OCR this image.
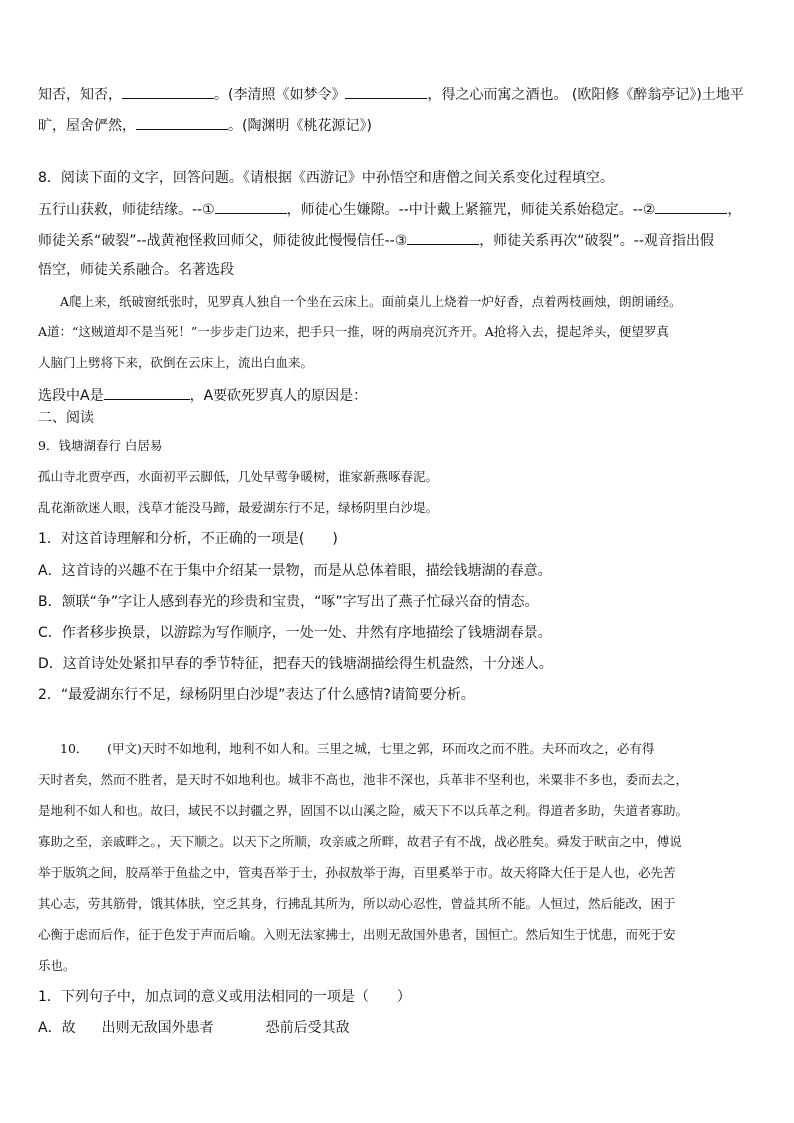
知否，知否，	。(李清照《如梦令》	，得之心而寓之酒也。 (欧阳修《醉翁亭记》)土地平
旷，屋舍俨然，	。(陶渊明《桃花源记》)
8．阅读下面的文字，回答问题。《请根据《西游记》中孙悟空和唐僧之间关系变化过程填空。
五行山获救，师徒结缘。--①	，师徒心生嫌隙。--中计戴上紧箍咒，师徒关系始稳定。--②	，
师徒关系“破裂”--战黄袍怪救回师父，师徒彼此慢慢信任--③	，师徒关系再次“破裂”。--观音指出假
悟空，师徒关系融合。名著选段
A爬上来，纸破窗纸张时，见罗真人独自一个坐在云床上。面前桌儿上烧着一炉好香，点着两枝画烛，朗朗诵经。
A道：“这贼道却不是当死！”一步步走门边来，把手只一推，呀的两扇亮沉齐开。A抢将入去，提起斧头，便望罗真
人脑门上劈将下来，砍倒在云床上，流出白血来。
选段中A是	，A要砍死罗真人的原因是：
二、阅读
9．钱塘湖春行 白居易
孤山寺北贾亭西，水面初平云脚低，几处早莺争暖树，谁家新燕啄春泥。
乱花渐欲迷人眼，浅草才能没马蹄，最爱湖东行不足，绿杨阴里白沙堤。
1．对这首诗理解和分析，不正确的一项是(　　)
A．这首诗的兴趣不在于集中介绍某一景物，而是从总体着眼，描绘钱塘湖的春意。
B．颔联“争”字让人感到春光的珍贵和宝贵，“啄”字写出了燕子忙碌兴奋的情态。
C．作者移步换景，以游踪为写作顺序，一处一处、井然有序地描绘了钱塘湖春景。
D．这首诗处处紧扣早春的季节特征，把春天的钱塘湖描绘得生机盎然，十分迷人。
2．“最爱湖东行不足，绿杨阴里白沙堤”表达了什么感情?请简要分析。
10．　　(甲文)天时不如地利，地利不如人和。三里之城，七里之郭，环而攻之而不胜。夫环而攻之，必有得
天时者矣，然而不胜者，是天时不如地利也。城非不高也，池非不深也，兵革非不坚利也，米粟非不多也，委而去之，
是地利不如人和也。故曰，域民不以封疆之界，固国不以山溪之险，威天下不以兵革之利。得道者多助，失道者寡助。
寡助之至，亲戚畔之。，天下顺之。以天下之所顺，攻亲戚之所畔，故君子有不战，战必胜矣。舜发于畎亩之中，傅说
举于版筑之间，胶鬲举于鱼盐之中，管夷吾举于士，孙叔敖举于海，百里奚举于市。故天将降大任于是人也，必先苦
其心志，劳其筋骨，饿其体肤，空乏其身，行拂乱其所为，所以动心忍性，曾益其所不能。人恒过，然后能改，困于
心衡于虑而后作，征于色发于声而后喻。入则无法家拂士，出则无敌国外患者，国恒亡。然后知生于忧患，而死于安
乐也。
1．下列句子中，加点词的意义或用法相同的一项是（　　）
A．故 出则无敌国外患者	恐前后受其敌
